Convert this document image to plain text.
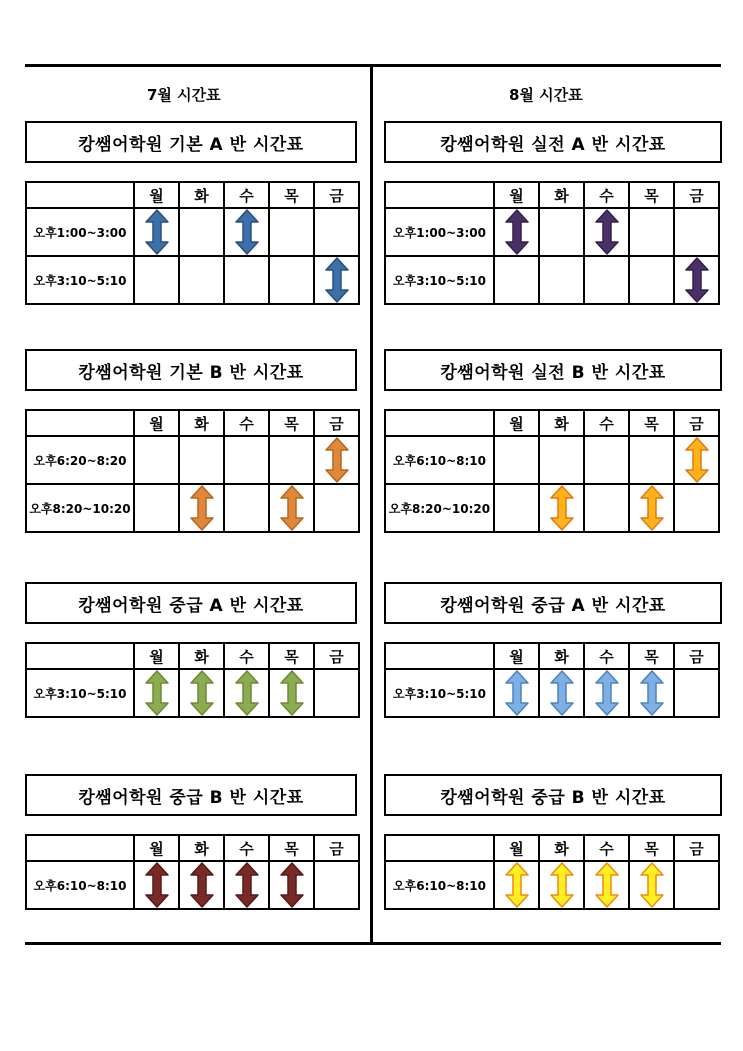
7월 시간표	8월 시간표
캉쌤어학원 기본 A 반 시간표
	월	화	수	목	금
오후1:00~3:00	

오후3:10~5:10					
캉쌤어학원 기본 B 반 시간표
	월	화	수	목	금
오후6:20~8:20					

오후8:20~10:20		

캉쌤어학원 중급 A 반 시간표
	월	화	수	목	금
오후3:10~5:10	

캉쌤어학원 중급 B 반 시간표
	월	화	수	목	금
오후6:10~8:10	

캉쌤어학원 실전 A 반 시간표
	월	화	수	목	금
오후1:00~3:00	

오후3:10~5:10					
캉쌤어학원 실전 B 반 시간표
	월	화	수	목	금
오후6:10~8:10					

오후8:20~10:20		

캉쌤어학원 중급 A 반 시간표
	월	화	수	목	금
오후3:10~5:10	

캉쌤어학원 중급 B 반 시간표
	월	화	수	목	금
오후6:10~8:10	
